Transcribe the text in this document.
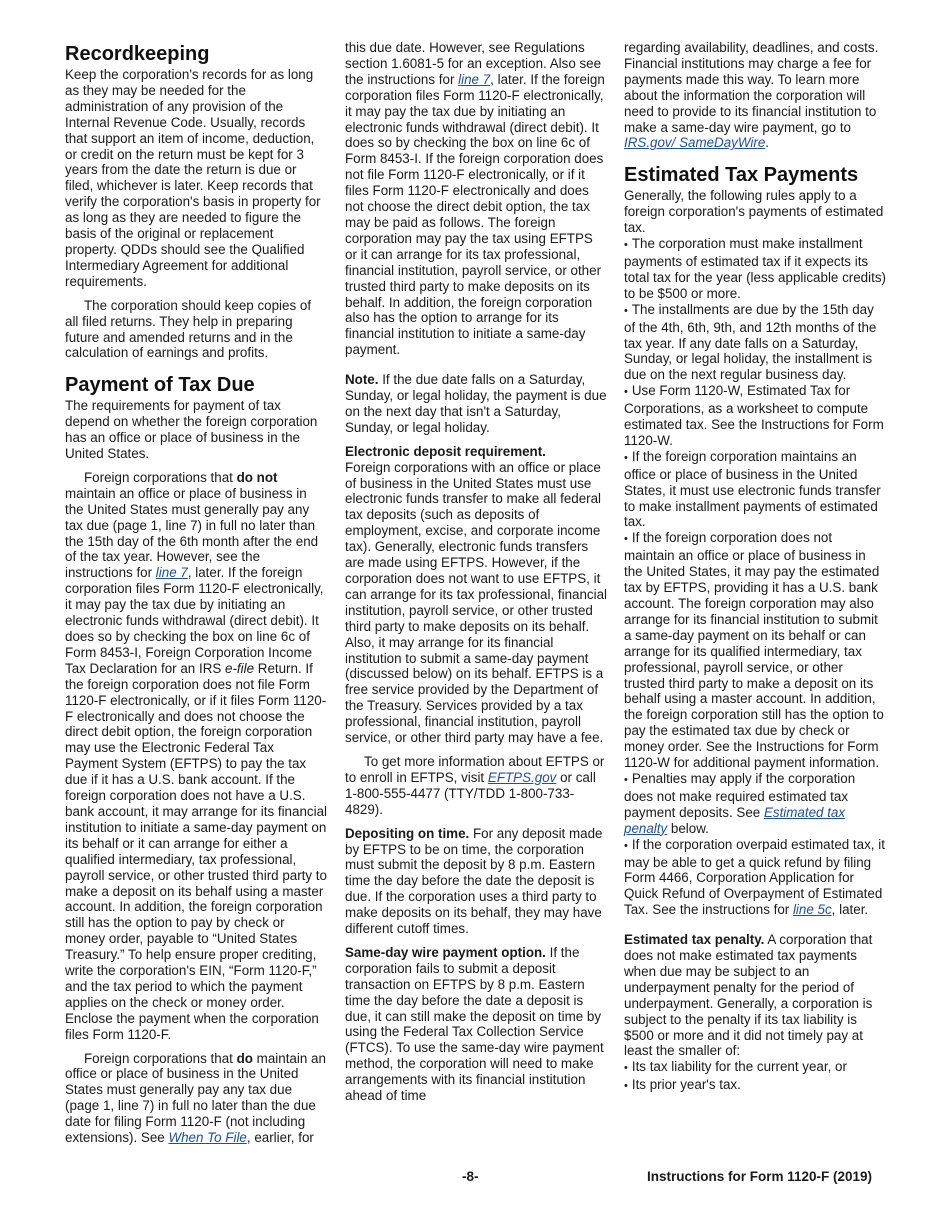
Recordkeeping

Keep the corporation's records for as long as they may be needed for the administration of any provision of the Internal Revenue Code. Usually, records that support an item of income, deduction, or credit on the return must be kept for 3 years from the date the return is due or filed, whichever is later. Keep records that verify the corporation's basis in property for as long as they are needed to figure the basis of the original or replacement property. QDDs should see the Qualified Intermediary Agreement for additional requirements.

The corporation should keep copies of all filed returns. They help in preparing future and amended returns and in the calculation of earnings and profits.

Payment of Tax Due

The requirements for payment of tax depend on whether the foreign corporation has an office or place of business in the United States.

Foreign corporations that do not maintain an office or place of business in the United States must generally pay any tax due (page 1, line 7) in full no later than the 15th day of the 6th month after the end of the tax year. However, see the instructions for line 7, later. If the foreign corporation files Form 1120-F electronically, it may pay the tax due by initiating an electronic funds withdrawal (direct debit). It does so by checking the box on line 6c of Form 8453-I, Foreign Corporation Income Tax Declaration for an IRS e-file Return. If the foreign corporation does not file Form 1120-F electronically, or if it files Form 1120-F electronically and does not choose the direct debit option, the foreign corporation may use the Electronic Federal Tax Payment System (EFTPS) to pay the tax due if it has a U.S. bank account. If the foreign corporation does not have a U.S. bank account, it may arrange for its financial institution to initiate a same-day payment on its behalf or it can arrange for either a qualified intermediary, tax professional, payroll service, or other trusted third party to make a deposit on its behalf using a master account. In addition, the foreign corporation still has the option to pay by check or money order, payable to “United States Treasury.” To help ensure proper crediting, write the corporation's EIN, “Form 1120-F,” and the tax period to which the payment applies on the check or money order. Enclose the payment when the corporation files Form 1120-F.

Foreign corporations that do maintain an office or place of business in the United States must generally pay any tax due (page 1, line 7) in full no later than the due date for filing Form 1120-F (not including extensions). See When To File, earlier, for

this due date. However, see Regulations section 1.6081-5 for an exception. Also see the instructions for line 7, later. If the foreign corporation files Form 1120-F electronically, it may pay the tax due by initiating an electronic funds withdrawal (direct debit). It does so by checking the box on line 6c of Form 8453-I. If the foreign corporation does not file Form 1120-F electronically, or if it files Form 1120-F electronically and does not choose the direct debit option, the tax may be paid as follows. The foreign corporation may pay the tax using EFTPS or it can arrange for its tax professional, financial institution, payroll service, or other trusted third party to make deposits on its behalf. In addition, the foreign corporation also has the option to arrange for its financial institution to initiate a same-day payment.

Note. If the due date falls on a Saturday, Sunday, or legal holiday, the payment is due on the next day that isn't a Saturday, Sunday, or legal holiday.

Electronic deposit requirement.
Foreign corporations with an office or place of business in the United States must use electronic funds transfer to make all federal tax deposits (such as deposits of employment, excise, and corporate income tax). Generally, electronic funds transfers are made using EFTPS. However, if the corporation does not want to use EFTPS, it can arrange for its tax professional, financial institution, payroll service, or other trusted third party to make deposits on its behalf. Also, it may arrange for its financial institution to submit a same-day payment (discussed below) on its behalf. EFTPS is a free service provided by the Department of the Treasury. Services provided by a tax professional, financial institution, payroll service, or other third party may have a fee.

To get more information about EFTPS or to enroll in EFTPS, visit EFTPS.gov or call 1-800-555-4477 (TTY/TDD 1-800-733-4829).

Depositing on time. For any deposit made by EFTPS to be on time, the corporation must submit the deposit by 8 p.m. Eastern time the day before the date the deposit is due. If the corporation uses a third party to make deposits on its behalf, they may have different cutoff times.

Same-day wire payment option. If the corporation fails to submit a deposit transaction on EFTPS by 8 p.m. Eastern time the day before the date a deposit is due, it can still make the deposit on time by using the Federal Tax Collection Service (FTCS). To use the same-day wire payment method, the corporation will need to make arrangements with its financial institution ahead of time

regarding availability, deadlines, and costs. Financial institutions may charge a fee for payments made this way. To learn more about the information the corporation will need to provide to its financial institution to make a same-day wire payment, go to IRS.gov/ SameDayWire.

Estimated Tax Payments

Generally, the following rules apply to a foreign corporation's payments of estimated tax.

• The corporation must make installment payments of estimated tax if it expects its total tax for the year (less applicable credits) to be $500 or more.
• The installments are due by the 15th day of the 4th, 6th, 9th, and 12th months of the tax year. If any date falls on a Saturday, Sunday, or legal holiday, the installment is due on the next regular business day.
• Use Form 1120-W, Estimated Tax for Corporations, as a worksheet to compute estimated tax. See the Instructions for Form 1120-W.
• If the foreign corporation maintains an office or place of business in the United States, it must use electronic funds transfer to make installment payments of estimated tax.
• If the foreign corporation does not maintain an office or place of business in the United States, it may pay the estimated tax by EFTPS, providing it has a U.S. bank account. The foreign corporation may also arrange for its financial institution to submit a same-day payment on its behalf or can arrange for its qualified intermediary, tax professional, payroll service, or other trusted third party to make a deposit on its behalf using a master account. In addition, the foreign corporation still has the option to pay the estimated tax due by check or money order. See the Instructions for Form 1120-W for additional payment information.
• Penalties may apply if the corporation does not make required estimated tax payment deposits. See Estimated tax penalty below.
• If the corporation overpaid estimated tax, it may be able to get a quick refund by filing Form 4466, Corporation Application for Quick Refund of Overpayment of Estimated Tax. See the instructions for line 5c, later.

Estimated tax penalty. A corporation that does not make estimated tax payments when due may be subject to an underpayment penalty for the period of underpayment. Generally, a corporation is subject to the penalty if its tax liability is $500 or more and it did not timely pay at least the smaller of:

• Its tax liability for the current year, or
• Its prior year's tax.
-8-	Instructions for Form 1120-F (2019)
